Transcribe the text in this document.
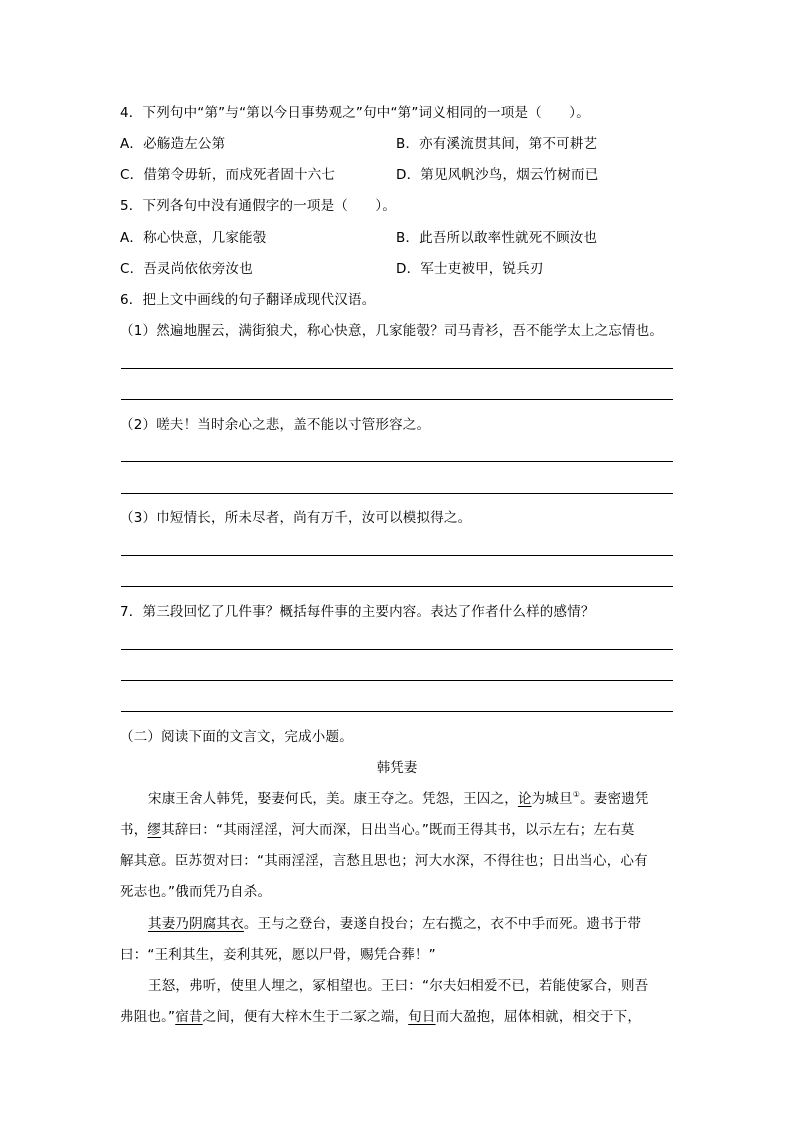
4．下列句中“第”与“第以今日事势观之”句中“第”词义相同的一项是（　　）。
A．必觞造左公第	B．亦有溪流贯其间，第不可耕艺
C．借第令毋斩，而戍死者固十六七	D．第见风帆沙鸟，烟云竹树而已
5．下列各句中没有通假字的一项是（　　）。
A．称心快意，几家能彀	B．此吾所以敢率性就死不顾汝也
C．吾灵尚依依旁汝也	D．军士吏被甲，锐兵刃
6．把上文中画线的句子翻译成现代汉语。
（1）然遍地腥云，满街狼犬，称心快意，几家能彀？司马青衫，吾不能学太上之忘情也。
（2）嗟夫！当时余心之悲，盖不能以寸管形容之。
（3）巾短情长，所未尽者，尚有万千，汝可以模拟得之。
7．第三段回忆了几件事？概括每件事的主要内容。表达了作者什么样的感情？
（二）阅读下面的文言文，完成小题。
韩凭妻
宋康王舍人韩凭，娶妻何氏，美。康王夺之。凭怨，王囚之，论为城旦①。妻密遗凭
书，缪其辞曰：“其雨淫淫，河大而深，日出当心。”既而王得其书，以示左右；左右莫
解其意。臣苏贺对曰：“其雨淫淫，言愁且思也；河大水深，不得往也；日出当心，心有
死志也。”俄而凭乃自杀。
其妻乃阴腐其衣。王与之登台，妻遂自投台；左右揽之，衣不中手而死。遗书于带
曰：“王利其生，妾利其死，愿以尸骨，赐凭合葬！”
王怒，弗听，使里人埋之，冢相望也。王曰：“尔夫妇相爱不已，若能使冢合，则吾
弗阻也。”宿昔之间，便有大梓木生于二冢之端，旬日而大盈抱，屈体相就，相交于下，
